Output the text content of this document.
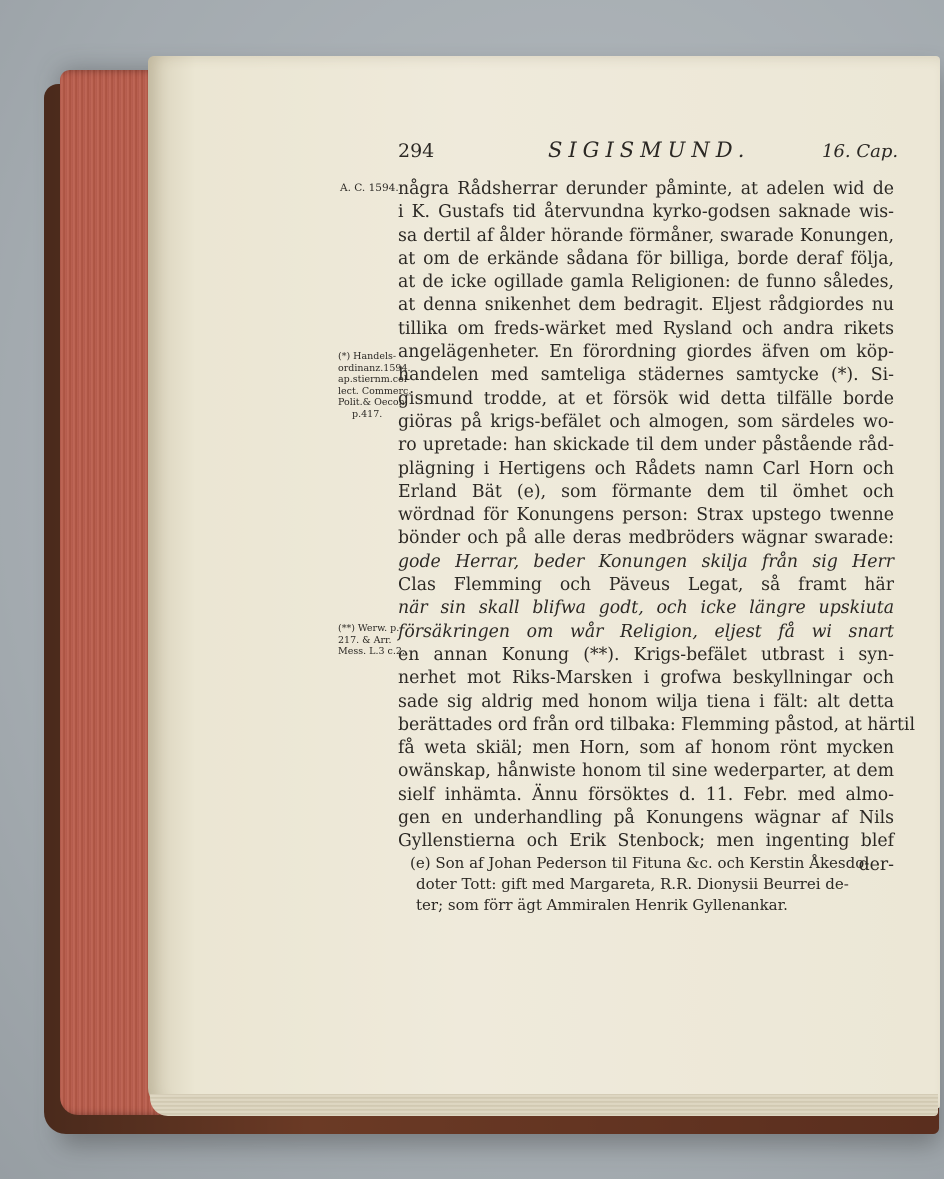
294	SIGISMUND.	16. Cap.
A. C. 1594.
(*) Handels-
ordinanz.1594.
ap.stiernm.col-
lect. Commerc.
Polit.& Oecon.
p.417.
(**) Werw. p.
217. & Arr.
Mess. L.3 c.2.
några Rådsherrar derunder påminte, at adelen wid de
i K. Gustafs tid återvundna kyrko-godsen saknade wis-
sa dertil af ålder hörande förmåner, swarade Konungen,
at om de erkände sådana för billiga, borde deraf följa,
at de icke ogillade gamla Religionen: de funno således,
at denna snikenhet dem bedragit. Eljest rådgiordes nu
tillika om freds-wärket med Rysland och andra rikets
angelägenheter. En förordning giordes äfven om köp-
handelen med samteliga städernes samtycke (*). Si-
gismund trodde, at et försök wid detta tilfälle borde
giöras på krigs-befälet och almogen, som särdeles wo-
ro upretade: han skickade til dem under påstående råd-
plägning i Hertigens och Rådets namn Carl Horn och
Erland Bät (e), som förmante dem til ömhet och
wördnad för Konungens person: Strax upstego twenne
bönder och på alle deras medbröders wägnar swarade:
gode Herrar, beder Konungen skilja från sig Herr
Clas Flemming och Päveus Legat, så framt här
när sin skall blifwa godt, och icke längre upskiuta
försäkringen om wår Religion, eljest få wi snart
en annan Konung (**). Krigs-befälet utbrast i syn-
nerhet mot Riks-Marsken i grofwa beskyllningar och
sade sig aldrig med honom wilja tiena i fält: alt detta
berättades ord från ord tilbaka: Flemming påstod, at härtil
få weta skiäl; men Horn, som af honom rönt mycken
owänskap, hånwiste honom til sine wederparter, at dem
sielf inhämta. Ännu försöktes d. 11. Febr. med almo-
gen en underhandling på Konungens wägnar af Nils
Gyllenstierna och Erik Stenbock; men ingenting blef
der-
(e) Son af Johan Pederson til Fituna &c. och Kerstin Åkesdo-
doter Tott: gift med Margareta, R.R. Dionysii Beurrei de-
ter; som förr ägt Ammiralen Henrik Gyllenankar.
